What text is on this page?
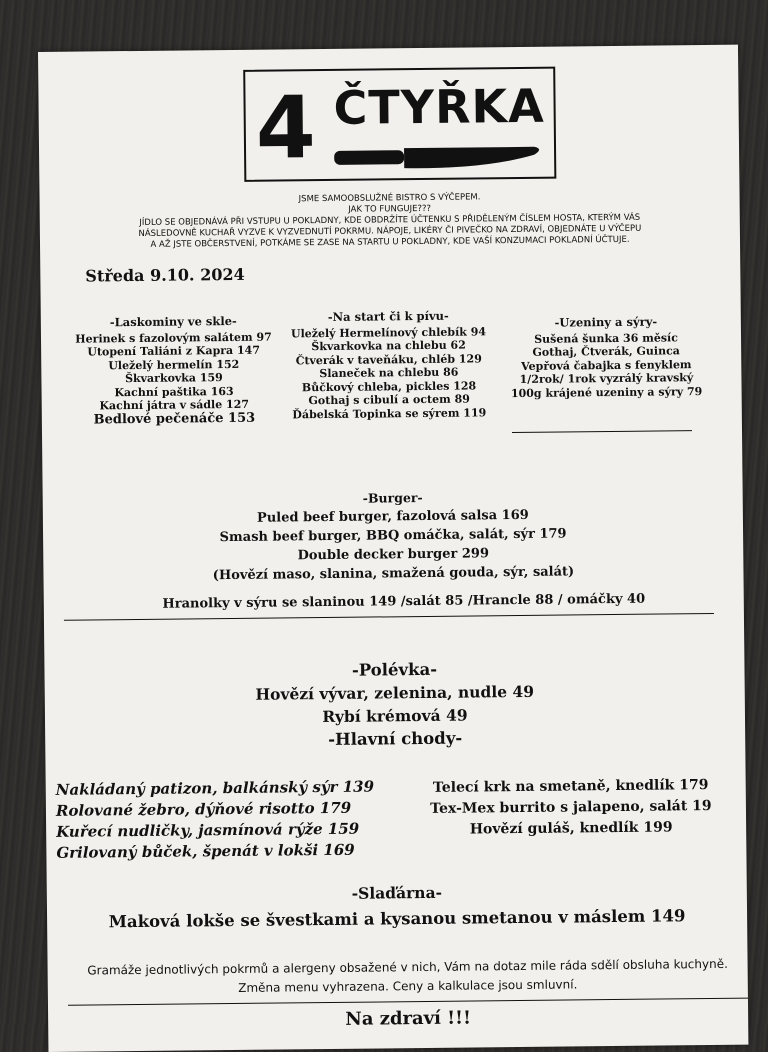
4 ČTYŘKA
JSME SAMOOBSLUŽNÉ BISTRO S VÝČEPEM.
JAK TO FUNGUJE???
JÍDLO SE OBJEDNÁVÁ PŘI VSTUPU U POKLADNY, KDE OBDRŽÍTE ÚČTENKU S PŘIDĚLENÝM ČÍSLEM HOSTA, KTERÝM VÁS
NÁSLEDOVNĚ KUCHAŘ VYZVE K VYZVEDNUTÍ POKRMU. NÁPOJE, LIKÉRY ČI PIVEČKO NA ZDRAVÍ, OBJEDNÁTE U VÝČEPU
A AŽ JSTE OBČERSTVENÍ, POTKÁME SE ZASE NA STARTU U POKLADNY, KDE VAŠÍ KONZUMACI POKLADNÍ ÚČTUJE.
Středa 9.10. 2024
-Laskominy ve skle-
Herinek s fazolovým salátem 97
Utopení Taliáni z Kapra 147
Uleželý hermelín 152
Škvarkovka 159
Kachní paštika 163
Kachní játra v sádle 127
Bedlové pečenáče 153
-Na start či k pívu-
Uleželý Hermelínový chlebík 94
Škvarkovka na chlebu 62
Čtverák v taveňáku, chléb 129
Slaneček na chlebu 86
Bůčkový chleba, pickles 128
Gothaj s cibulí a octem 89
Ďábelská Topinka se sýrem 119
-Uzeniny a sýry-
Sušená šunka 36 měsíc
Gothaj, Čtverák, Guinca
Vepřová čabajka s fenyklem
1/2rok/ 1rok vyzrálý kravský
100g krájené uzeniny a sýry 79
-Burger-
Puled beef burger, fazolová salsa 169
Smash beef burger, BBQ omáčka, salát, sýr 179
Double decker burger 299
(Hovězí maso, slanina, smažená gouda, sýr, salát)
Hranolky v sýru se slaninou 149 /salát 85 /Hrancle 88 / omáčky 40
-Polévka-
Hovězí vývar, zelenina, nudle 49
Rybí krémová 49
-Hlavní chody-
Nakládaný patizon, balkánský sýr 139
Rolované žebro, dýňové risotto 179
Kuřecí nudličky, jasmínová rýže 159
Grilovaný bůček, špenát v lokši 169
Telecí krk na smetaně, knedlík 179
Tex-Mex burrito s jalapeno, salát 19
Hovězí guláš, knedlík 199
-Slaďárna-
Maková lokše se švestkami a kysanou smetanou v máslem 149
Gramáže jednotlivých pokrmů a alergeny obsažené v nich, Vám na dotaz mile ráda sdělí obsluha kuchyně.
Změna menu vyhrazena. Ceny a kalkulace jsou smluvní.
Na zdraví !!!
